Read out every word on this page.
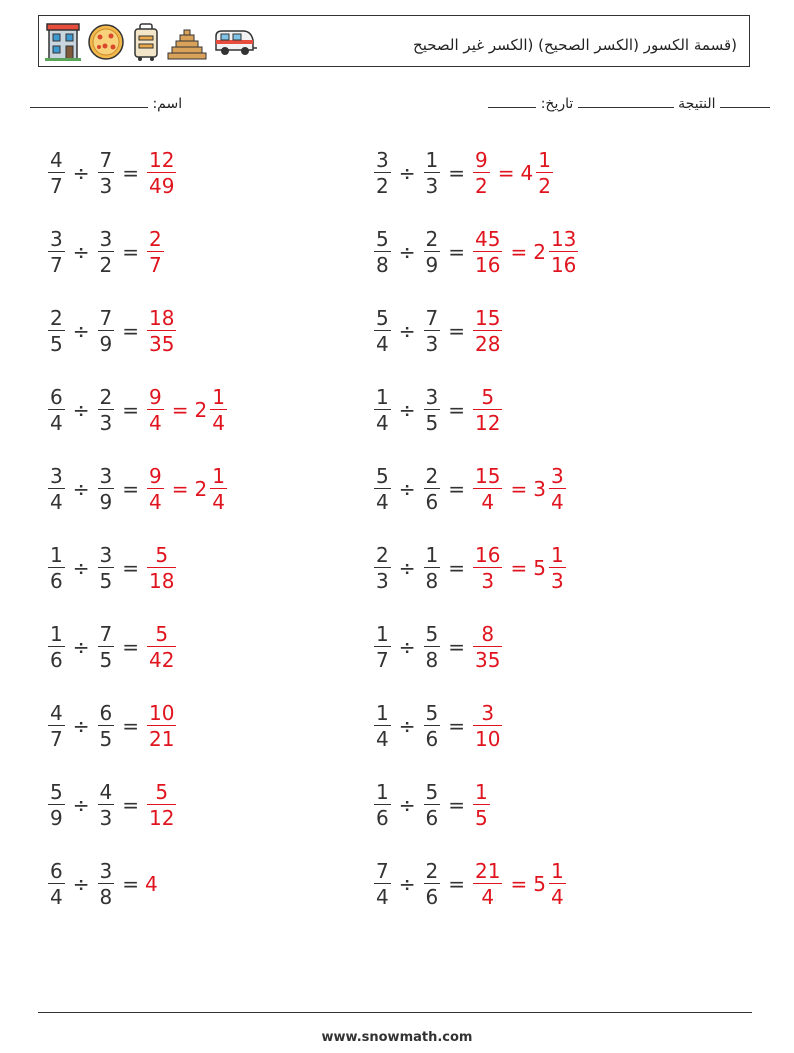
(قسمة الكسور (الكسر الصحيح) (الكسر غير الصحيح
اسم:	النتيجة  تاريخ:
$\frac{4}{7} \div \frac{7}{3} = \frac{12}{49}$	$\frac{3}{2} \div \frac{1}{3} = \frac{9}{2} = 4 \frac{1}{2}$
$\frac{3}{7} \div \frac{3}{2} = \frac{2}{7}$	$\frac{5}{8} \div \frac{2}{9} = \frac{45}{16} = 2 \frac{13}{16}$
$\frac{2}{5} \div \frac{7}{9} = \frac{18}{35}$	$\frac{5}{4} \div \frac{7}{3} = \frac{15}{28}$
$\frac{6}{4} \div \frac{2}{3} = \frac{9}{4} = 2 \frac{1}{4}$	$\frac{1}{4} \div \frac{3}{5} = \frac{5}{12}$
$\frac{3}{4} \div \frac{3}{9} = \frac{9}{4} = 2 \frac{1}{4}$	$\frac{5}{4} \div \frac{2}{6} = \frac{15}{4} = 3 \frac{3}{4}$
$\frac{1}{6} \div \frac{3}{5} = \frac{5}{18}$	$\frac{2}{3} \div \frac{1}{8} = \frac{16}{3} = 5 \frac{1}{3}$
$\frac{1}{6} \div \frac{7}{5} = \frac{5}{42}$	$\frac{1}{7} \div \frac{5}{8} = \frac{8}{35}$
$\frac{4}{7} \div \frac{6}{5} = \frac{10}{21}$	$\frac{1}{4} \div \frac{5}{6} = \frac{3}{10}$
$\frac{5}{9} \div \frac{4}{3} = \frac{5}{12}$	$\frac{1}{6} \div \frac{5}{6} = \frac{1}{5}$
$\frac{6}{4} \div \frac{3}{8} = 4$	$\frac{7}{4} \div \frac{2}{6} = \frac{21}{4} = 5 \frac{1}{4}$
www.snowmath.com
